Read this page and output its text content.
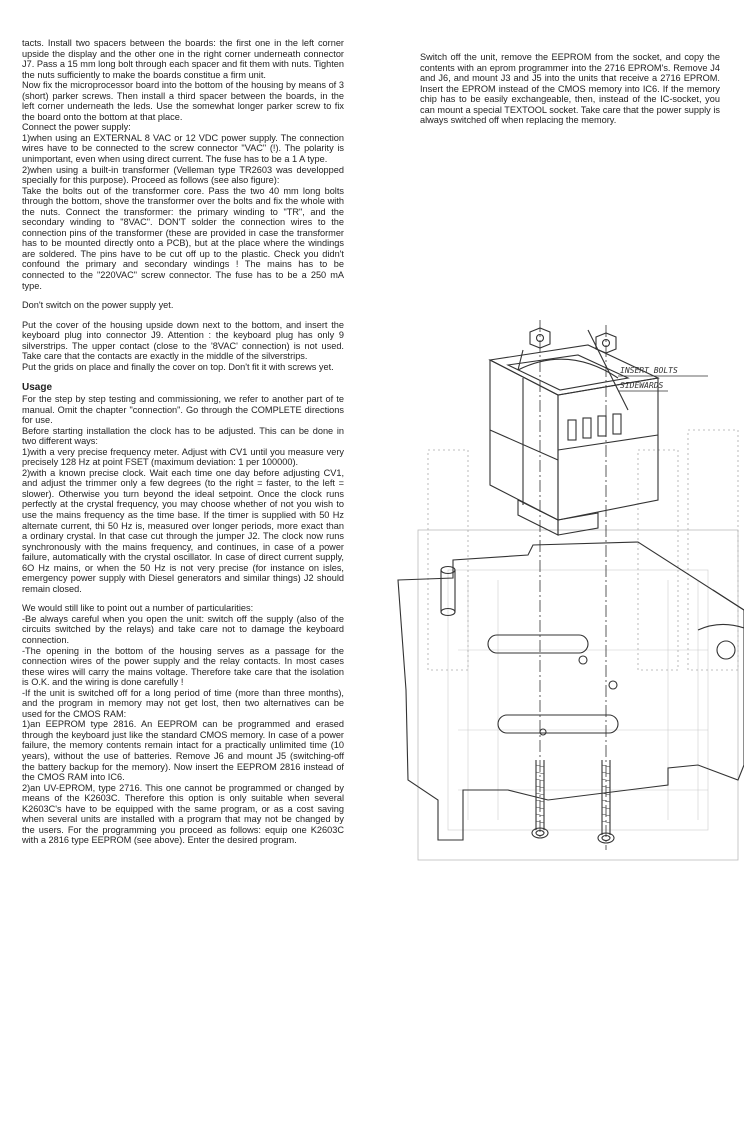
tacts. Install two spacers between the boards: the first one in the left corner upside the display and the other one in the right corner underneath connector J7. Pass a 15 mm long bolt through each spacer and fit them with nuts. Tighten the nuts sufficiently to make the boards constitue a firm unit.

Now fix the microprocessor board into the bottom of the housing by means of 3 (short) parker screws. Then install a third spacer between the boards, in the left corner underneath the leds. Use the somewhat longer parker screw to fix the board onto the bottom at that place.

Connect the power supply:

1)when using an EXTERNAL 8 VAC or 12 VDC power supply. The connection wires have to be connected to the screw connector "VAC" (!). The polarity is unimportant, even when using direct current. The fuse has to be a 1 A type.

2)when using a built-in transformer (Velleman type TR2603 was developped specially for this purpose). Proceed as follows (see also figure):

Take the bolts out of the transformer core. Pass the two 40 mm long bolts through the bottom, shove the transformer over the bolts and fix the whole with the nuts. Connect the transformer: the primary winding to "TR", and the secondary winding to "8VAC". DON'T solder the connection wires to the connection pins of the transformer (these are provided in case the transformer has to be mounted directly onto a PCB), but at the place where the windings are soldered. The pins have to be cut off up to the plastic. Check you didn't confound the primary and secondary windings ! The mains has to be connected to the "220VAC" screw connector. The fuse has to be a 250 mA type.

Don't switch on the power supply yet.

Put the cover of the housing upside down next to the bottom, and insert the keyboard plug into connector J9. Attention : the keyboard plug has only 9 silverstrips. The upper contact (close to the '8VAC' connection) is not used. Take care that the contacts are exactly in the middle of the silverstrips.

Put the grids on place and finally the cover on top. Don't fit it with screws yet.

Usage

For the step by step testing and commissioning, we refer to another part of te manual. Omit the chapter "connection". Go through the COMPLETE directions for use.

Before starting installation the clock has to be adjusted. This can be done in two different ways:

1)with a very precise frequency meter. Adjust with CV1 until you measure very precisely 128 Hz at point FSET (maximum deviation: 1 per 100000).

2)with a known precise clock. Wait each time one day before adjusting CV1, and adjust the trimmer only a few degrees (to the right = faster, to the left = slower). Otherwise you turn beyond the ideal setpoint. Once the clock runs perfectly at the crystal frequency, you may choose whether of not you wish to use the mains frequency as the time base. If the timer is supplied with 50 Hz alternate current, thi 50 Hz is, measured over longer periods, more exact than a ordinary crystal. In that case cut through the jumper J2. The clock now runs synchronously with the mains frequency, and continues, in case of a power failure, automatically with the crystal oscillator. In case of direct current supply, 6O Hz mains, or when the 50 Hz is not very precise (for instance on isles, emergency power supply with Diesel generators and similar things) J2 should remain closed.

We would still like to point out a number of particularities:

-Be always careful when you open the unit: switch off the supply (also of the circuits switched by the relays) and take care not to damage the keyboard connection.

-The opening in the bottom of the housing serves as a passage for the connection wires of the power supply and the relay contacts. In most cases these wires will carry the mains voltage. Therefore take care that the isolation is O.K. and the wiring is done carefully !

-If the unit is switched off for a long period of time (more than three months), and the program in memory may not get lost, then two alternatives can be used for the CMOS RAM:

1)an EEPROM type 2816. An EEPROM can be programmed and erased through the keyboard just like the standard CMOS memory. In case of a power failure, the memory contents remain intact for a practically unlimited time (10 years), without the use of batteries. Remove J6 and mount J5 (switching-off the battery backup for the memory). Now insert the EEPROM 2816 instead of the CMOS RAM into IC6.

2)an UV-EPROM, type 2716. This one cannot be programmed or changed by means of the K2603C. Therefore this option is only suitable when several K2603C's have to be equipped with the same program, or as a cost saving when several units are installed with a program that may not be changed by the users. For the programming you proceed as follows: equip one K2603C with a 2816 type EEPROM (see above). Enter the desired program.

Switch off the unit, remove the EEPROM from the socket, and copy the contents with an eprom programmer into the 2716 EPROM's. Remove J4 and J6, and mount J3 and J5 into the units that receive a 2716 EPROM. Insert the EPROM instead of the CMOS memory into IC6. If the memory chip has to be easily exchangeable, then, instead of the IC-socket, you can mount a special TEXTOOL socket. Take care that the power supply is always switched off when replacing the memory.

INSERT BOLTS
SIDEWARDS
